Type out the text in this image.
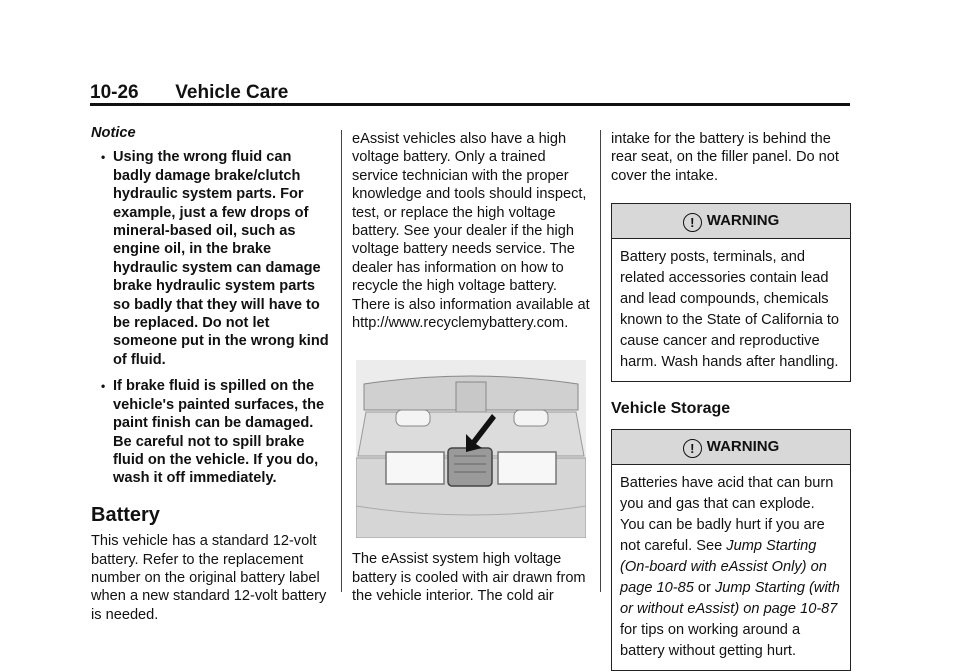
10-26 Vehicle Care
Notice
• Using the wrong fluid can badly damage brake/clutch hydraulic system parts. For example, just a few drops of mineral-based oil, such as engine oil, in the brake hydraulic system can damage brake hydraulic system parts so badly that they will have to be replaced. Do not let someone put in the wrong kind of fluid.
• If brake fluid is spilled on the vehicle's painted surfaces, the paint finish can be damaged. Be careful not to spill brake fluid on the vehicle. If you do, wash it off immediately.
Battery

This vehicle has a standard 12-volt battery. Refer to the replacement number on the original battery label when a new standard 12-volt battery is needed.

eAssist vehicles also have a high voltage battery. Only a trained service technician with the proper knowledge and tools should inspect, test, or replace the high voltage battery. See your dealer if the high voltage battery needs service. The dealer has information on how to recycle the high voltage battery. There is also information available at http://www.recyclemybattery.com.

The eAssist system high voltage battery is cooled with air drawn from the vehicle interior. The cold air

intake for the battery is behind the rear seat, on the filler panel. Do not cover the intake.

! WARNING
Battery posts, terminals, and related accessories contain lead and lead compounds, chemicals known to the State of California to cause cancer and reproductive harm. Wash hands after handling.
Vehicle Storage
! WARNING
Batteries have acid that can burn you and gas that can explode. You can be badly hurt if you are not careful. See Jump Starting (On-board with eAssist Only) on page 10-85 or Jump Starting (with or without eAssist) on page 10-87 for tips on working around a battery without getting hurt.
